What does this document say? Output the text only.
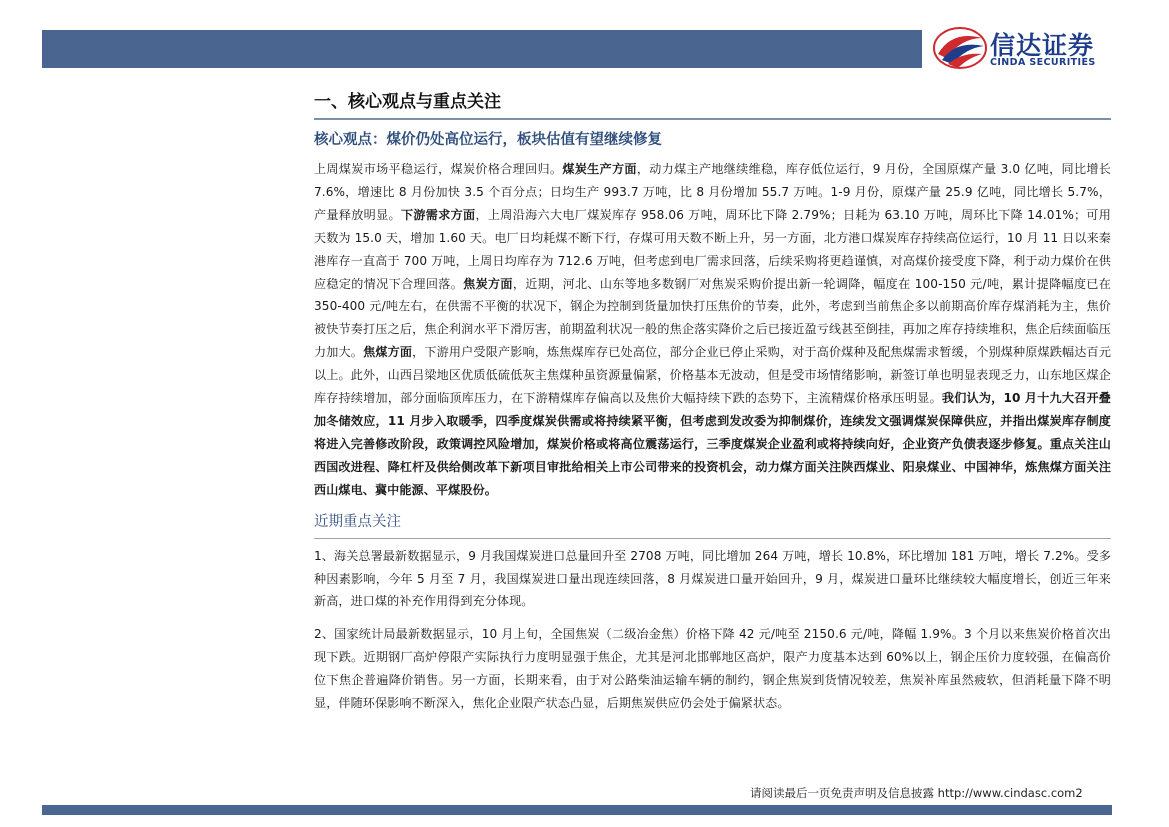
信达证券
CINDA SECURITIES
一、核心观点与重点关注
核心观点：煤价仍处高位运行，板块估值有望继续修复
上周煤炭市场平稳运行，煤炭价格合理回归。煤炭生产方面，动力煤主产地继续维稳，库存低位运行，9 月份，全国原煤产量 3.0 亿吨，同比增长 7.6%，增速比 8 月份加快 3.5 个百分点；日均生产 993.7 万吨，比 8 月份增加 55.7 万吨。1-9 月份，原煤产量 25.9 亿吨，同比增长 5.7%，产量释放明显。下游需求方面，上周沿海六大电厂煤炭库存 958.06 万吨，周环比下降 2.79%；日耗为 63.10 万吨，周环比下降 14.01%；可用天数为 15.0 天，增加 1.60 天。电厂日均耗煤不断下行，存煤可用天数不断上升，另一方面，北方港口煤炭库存持续高位运行，10 月 11 日以来秦港库存一直高于 700 万吨，上周日均库存为 712.6 万吨，但考虑到电厂需求回落，后续采购将更趋谨慎，对高煤价接受度下降，利于动力煤价在供应稳定的情况下合理回落。焦炭方面，近期，河北、山东等地多数钢厂对焦炭采购价提出新一轮调降，幅度在 100-150 元/吨，累计提降幅度已在 350-400 元/吨左右，在供需不平衡的状况下，钢企为控制到货量加快打压焦价的节奏，此外，考虑到当前焦企多以前期高价库存煤消耗为主，焦价被快节奏打压之后，焦企利润水平下滑厉害，前期盈利状况一般的焦企落实降价之后已接近盈亏线甚至倒挂，再加之库存持续堆积，焦企后续面临压力加大。焦煤方面，下游用户受限产影响，炼焦煤库存已处高位，部分企业已停止采购，对于高价煤种及配焦煤需求暂缓，个别煤种原煤跌幅达百元以上。此外，山西吕梁地区优质低硫低灰主焦煤种虽资源量偏紧，价格基本无波动，但是受市场情绪影响，新签订单也明显表现乏力，山东地区煤企库存持续增加，部分面临顶库压力，在下游精煤库存偏高以及焦价大幅持续下跌的态势下，主流精煤价格承压明显。我们认为，10 月十九大召开叠加冬储效应，11 月步入取暖季，四季度煤炭供需或将持续紧平衡，但考虑到发改委为抑制煤价，连续发文强调煤炭保障供应，并指出煤炭库存制度将进入完善修改阶段，政策调控风险增加，煤炭价格或将高位震荡运行，三季度煤炭企业盈利或将持续向好，企业资产负债表逐步修复。重点关注山西国改进程、降杠杆及供给侧改革下新项目审批给相关上市公司带来的投资机会，动力煤方面关注陕西煤业、阳泉煤业、中国神华，炼焦煤方面关注西山煤电、冀中能源、平煤股份。
近期重点关注
1、海关总署最新数据显示，9 月我国煤炭进口总量回升至 2708 万吨，同比增加 264 万吨，增长 10.8%，环比增加 181 万吨，增长 7.2%。受多种因素影响，今年 5 月至 7 月，我国煤炭进口量出现连续回落，8 月煤炭进口量开始回升，9 月，煤炭进口量环比继续较大幅度增长，创近三年来新高，进口煤的补充作用得到充分体现。
2、国家统计局最新数据显示，10 月上旬，全国焦炭（二级冶金焦）价格下降 42 元/吨至 2150.6 元/吨，降幅 1.9%。3 个月以来焦炭价格首次出现下跌。近期钢厂高炉停限产实际执行力度明显强于焦企，尤其是河北邯郸地区高炉，限产力度基本达到 60%以上，钢企压价力度较强，在偏高价位下焦企普遍降价销售。另一方面，长期来看，由于对公路柴油运输车辆的制约，钢企焦炭到货情况较差，焦炭补库虽然疲软，但消耗量下降不明显，伴随环保影响不断深入，焦化企业限产状态凸显，后期焦炭供应仍会处于偏紧状态。
请阅读最后一页免责声明及信息披露 http://www.cindasc.com2
